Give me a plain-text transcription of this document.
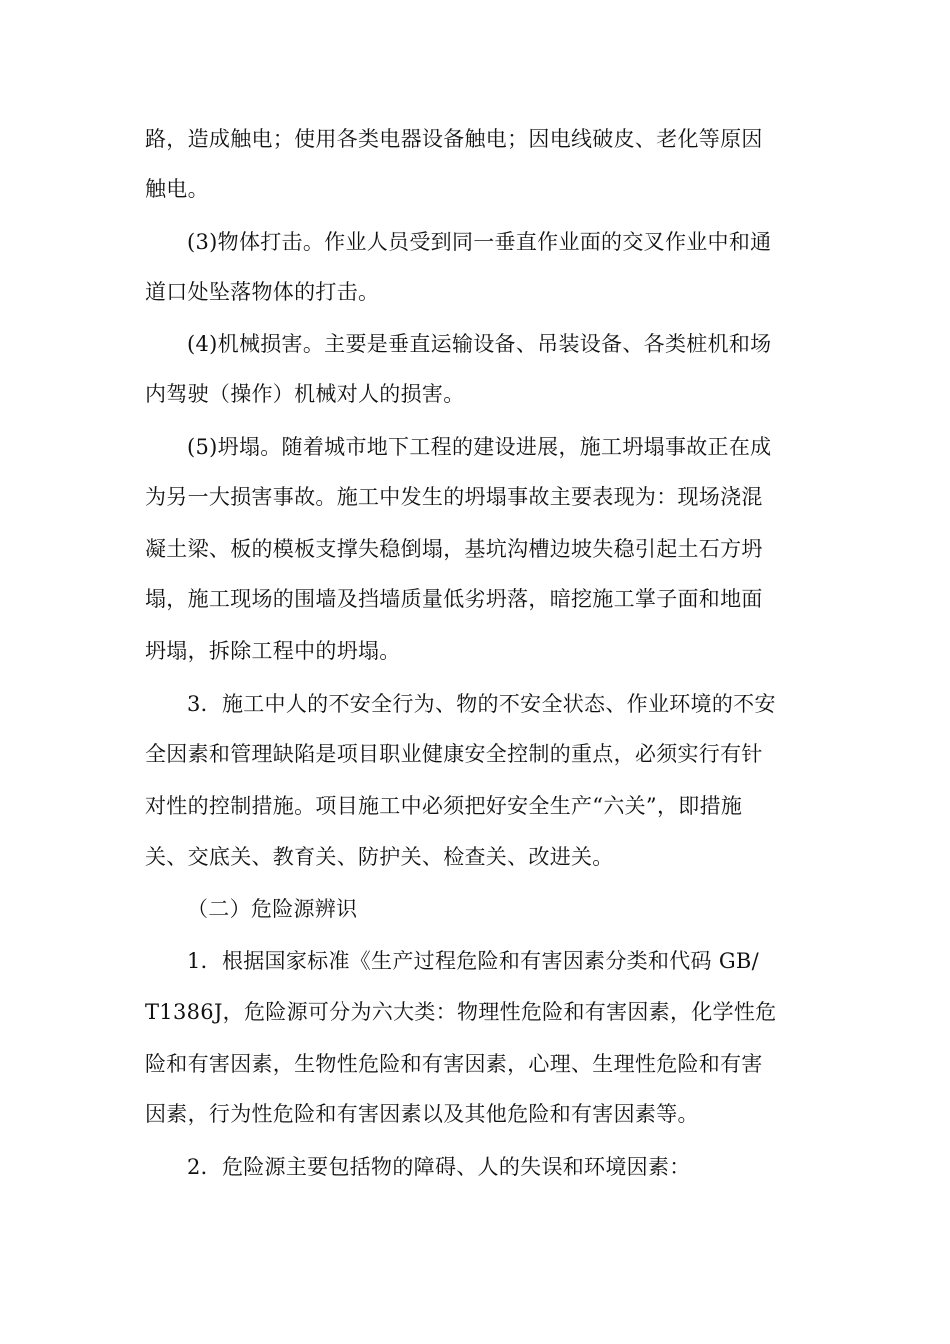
路，造成触电；使用各类电器设备触电；因电线破皮、老化等原因
触电。
(3)物体打击。作业人员受到同一垂直作业面的交叉作业中和通
道口处坠落物体的打击。
(4)机械损害。主要是垂直运输设备、吊装设备、各类桩机和场
内驾驶（操作）机械对人的损害。
(5)坍塌。随着城市地下工程的建设进展，施工坍塌事故正在成
为另一大损害事故。施工中发生的坍塌事故主要表现为：现场浇混
凝土梁、板的模板支撑失稳倒塌，基坑沟槽边坡失稳引起土石方坍
塌，施工现场的围墙及挡墙质量低劣坍落，暗挖施工掌子面和地面
坍塌，拆除工程中的坍塌。
3．施工中人的不安全行为、物的不安全状态、作业环境的不安
全因素和管理缺陷是项目职业健康安全控制的重点，必须实行有针
对性的控制措施。项目施工中必须把好安全生产“六关”，即措施
关、交底关、教育关、防护关、检查关、改进关。
（二）危险源辨识
1．根据国家标准《生产过程危险和有害因素分类和代码 GB/
T1386J，危险源可分为六大类：物理性危险和有害因素，化学性危
险和有害因素，生物性危险和有害因素，心理、生理性危险和有害
因素，行为性危险和有害因素以及其他危险和有害因素等。
2．危险源主要包括物的障碍、人的失误和环境因素：
